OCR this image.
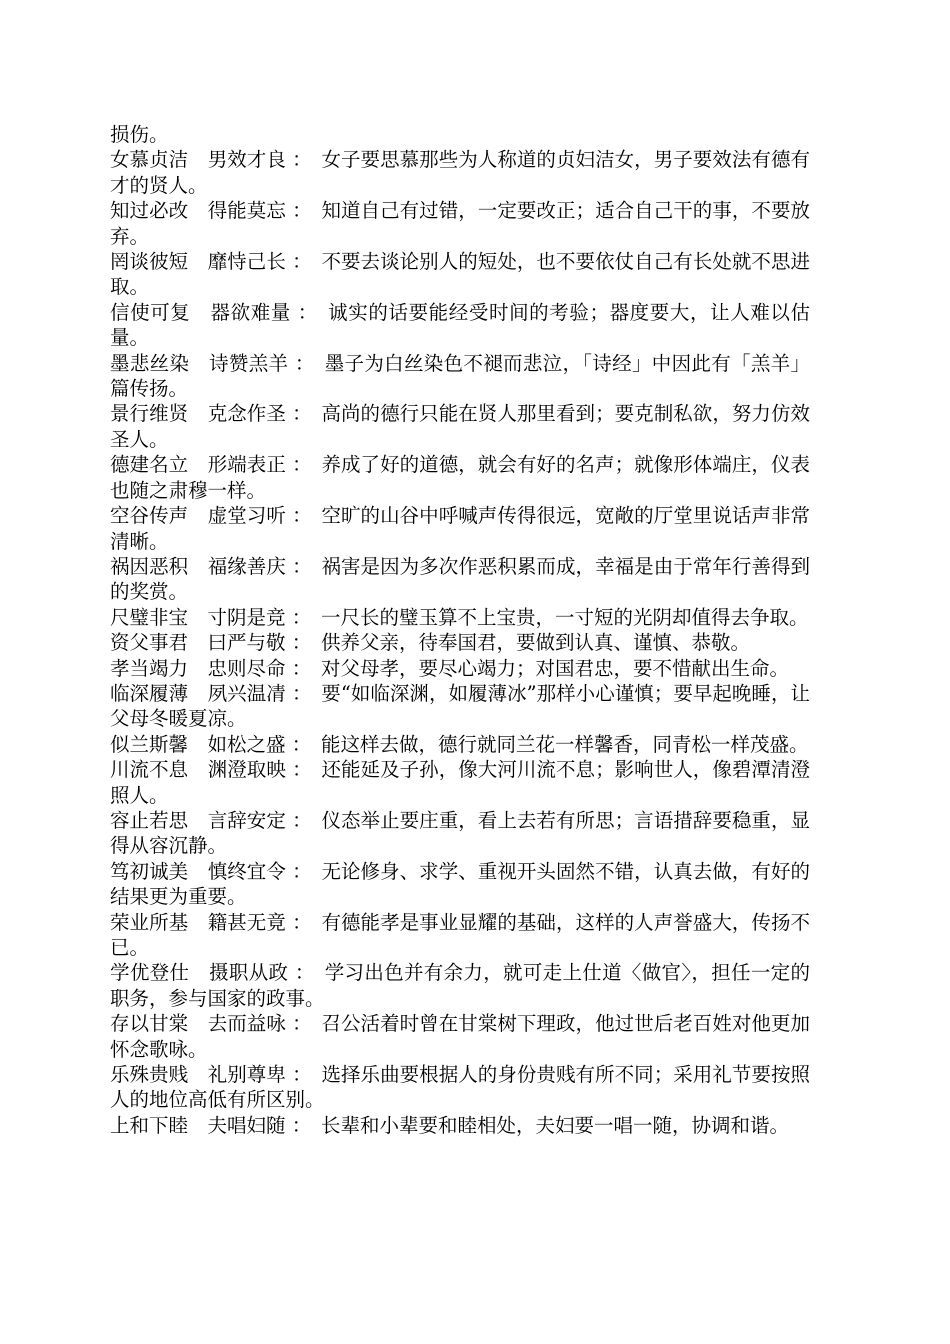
损伤。

女慕贞洁　男效才良 ：　女子要思慕那些为人称道的贞妇洁女，男子要效法有德有才的贤人。

知过必改　得能莫忘 ：　知道自己有过错，一定要改正；适合自己干的事，不要放弃。

罔谈彼短　靡恃己长 ：　不要去谈论别人的短处，也不要依仗自己有长处就不思进取。

信使可复　器欲难量 ：　诚实的话要能经受时间的考验；器度要大，让人难以估量。

墨悲丝染　诗赞羔羊 ：　墨子为白丝染色不褪而悲泣，「诗经」中因此有「羔羊」篇传扬。

景行维贤　克念作圣 ：　高尚的德行只能在贤人那里看到；要克制私欲，努力仿效圣人。

德建名立　形端表正 ：　养成了好的道德，就会有好的名声；就像形体端庄，仪表也随之肃穆一样。

空谷传声　虚堂习听 ：　空旷的山谷中呼喊声传得很远，宽敞的厅堂里说话声非常清晰。

祸因恶积　福缘善庆 ：　祸害是因为多次作恶积累而成，幸福是由于常年行善得到的奖赏。

尺璧非宝　寸阴是竞 ：　一尺长的璧玉算不上宝贵，一寸短的光阴却值得去争取。

资父事君　曰严与敬 ：　供养父亲，待奉国君，要做到认真、谨慎、恭敬。

孝当竭力　忠则尽命 ：　对父母孝，要尽心竭力；对国君忠，要不惜献出生命。

临深履薄　夙兴温凊 ：　要“如临深渊，如履薄冰”那样小心谨慎；要早起晚睡，让父母冬暖夏凉。

似兰斯馨　如松之盛 ：　能这样去做，德行就同兰花一样馨香，同青松一样茂盛。

川流不息　渊澄取映 ：　还能延及子孙，像大河川流不息；影响世人，像碧潭清澄照人。

容止若思　言辞安定 ：　仪态举止要庄重，看上去若有所思；言语措辞要稳重，显得从容沉静。

笃初诚美　慎终宜令 ：　无论修身、求学、重视开头固然不错，认真去做，有好的结果更为重要。

荣业所基　籍甚无竟 ：　有德能孝是事业显耀的基础，这样的人声誉盛大，传扬不已。

学优登仕　摄职从政 ：　学习出色并有余力，就可走上仕道〈做官〉，担任一定的职务，参与国家的政事。

存以甘棠　去而益咏 ：　召公活着时曾在甘棠树下理政，他过世后老百姓对他更加怀念歌咏。

乐殊贵贱　礼别尊卑 ：　选择乐曲要根据人的身份贵贱有所不同；采用礼节要按照人的地位高低有所区别。

上和下睦　夫唱妇随 ：　长辈和小辈要和睦相处，夫妇要一唱一随，协调和谐。
